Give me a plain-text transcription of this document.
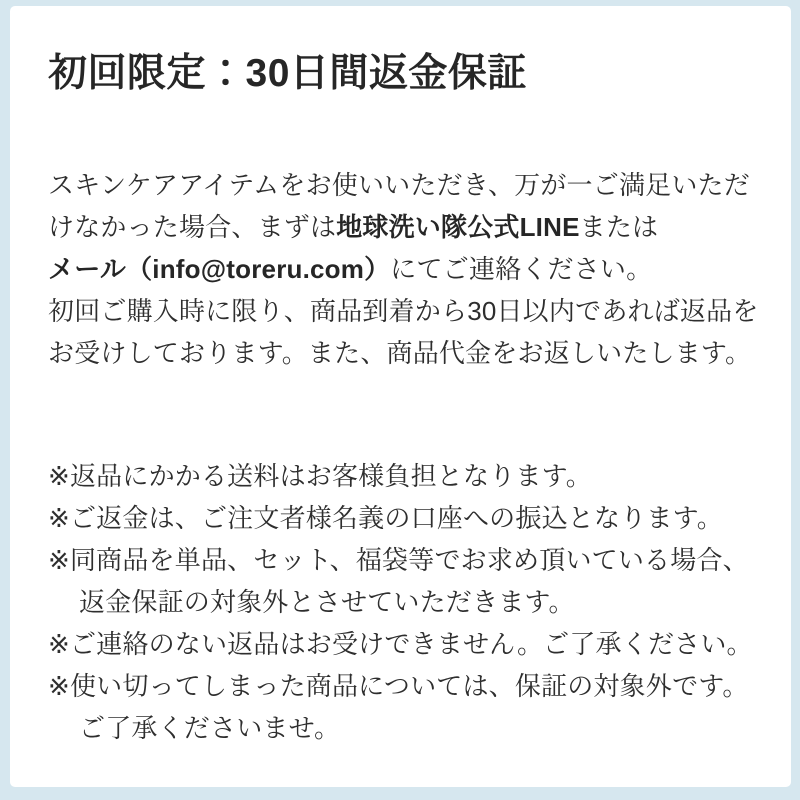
初回限定：30日間返金保証
スキンケアアイテムをお使いいただき、万が一ご満足いただ
けなかった場合、まずは地球洗い隊公式LINEまたは
メール（info@toreru.com）にてご連絡ください。
初回ご購入時に限り、商品到着から30日以内であれば返品を
お受けしております。また、商品代金をお返しいたします。
※返品にかかる送料はお客様負担となります。
※ご返金は、ご注文者様名義の口座への振込となります。
※同商品を単品、セット、福袋等でお求め頂いている場合、
返金保証の対象外とさせていただきます。
※ご連絡のない返品はお受けできません。ご了承ください。
※使い切ってしまった商品については、保証の対象外です。
ご了承くださいませ。
